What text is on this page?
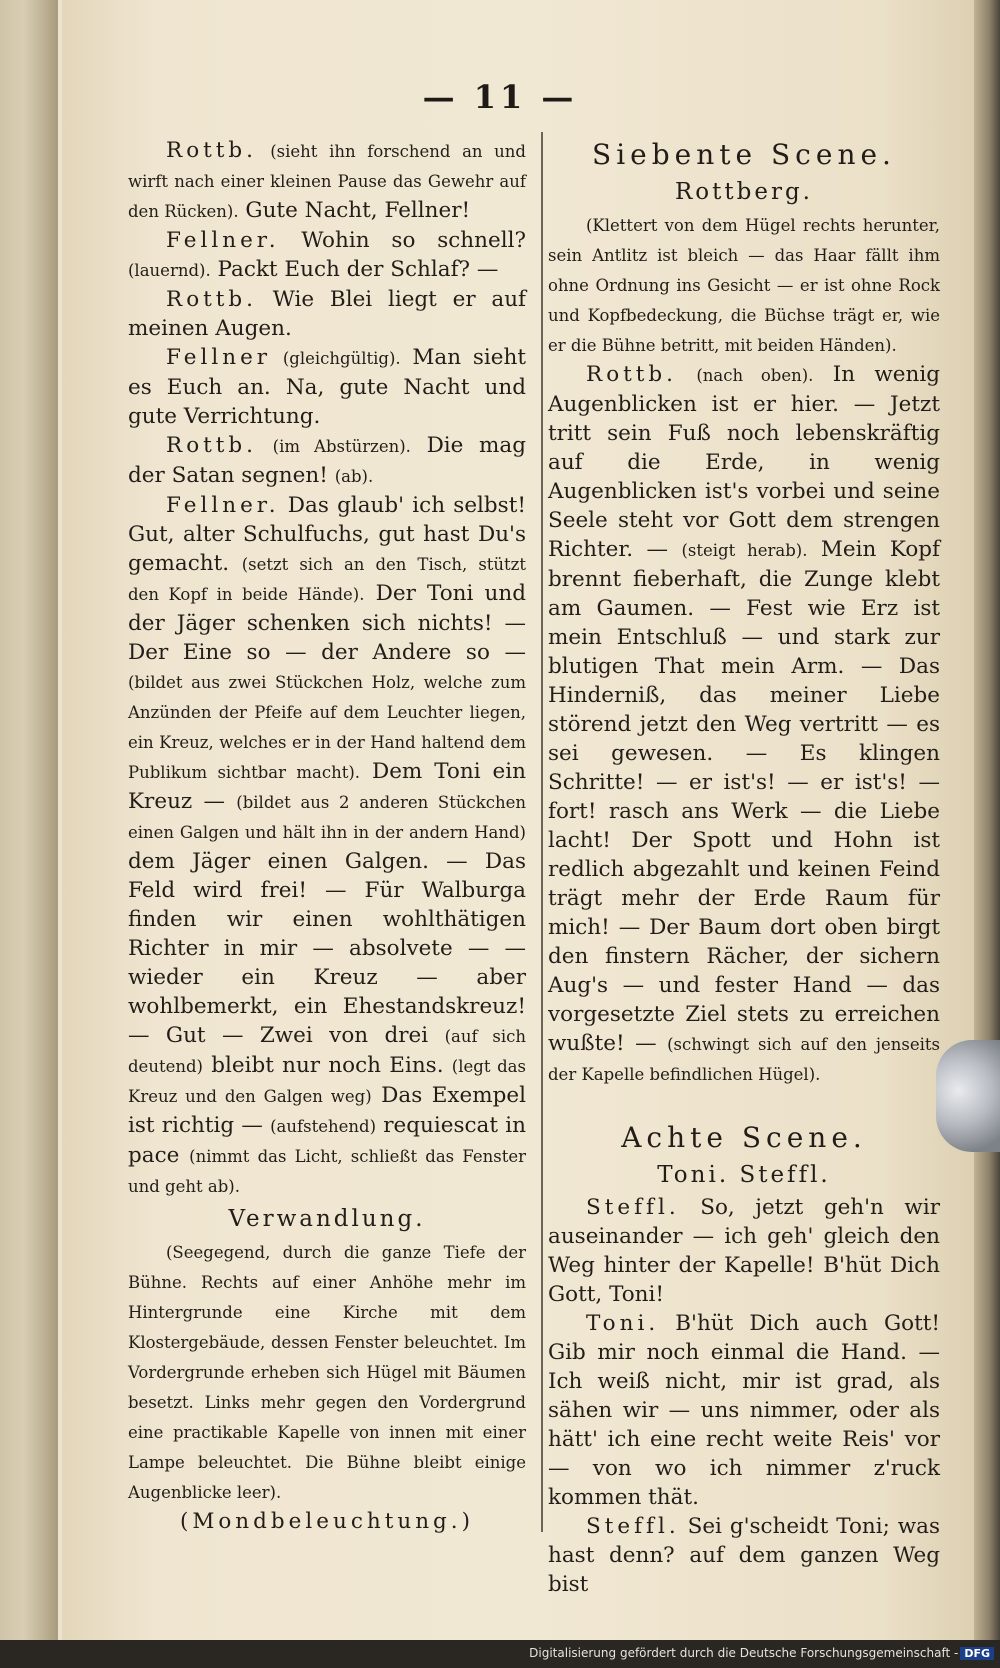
— 11 —

Rottb. (sieht ihn forschend an und wirft nach einer kleinen Pause das Gewehr auf den Rücken). Gute Nacht, Fellner!

Fellner. Wohin so schnell? (lauernd). Packt Euch der Schlaf? —

Rottb. Wie Blei liegt er auf meinen Augen.

Fellner (gleichgültig). Man sieht es Euch an. Na, gute Nacht und gute Verrichtung.

Rottb. (im Abstürzen). Die mag der Satan segnen! (ab).

Fellner. Das glaub' ich selbst! Gut, alter Schulfuchs, gut hast Du's gemacht. (setzt sich an den Tisch, stützt den Kopf in beide Hände). Der Toni und der Jäger schenken sich nichts! — Der Eine so — der Andere so — (bildet aus zwei Stückchen Holz, welche zum Anzünden der Pfeife auf dem Leuchter liegen, ein Kreuz, welches er in der Hand haltend dem Publikum sichtbar macht). Dem Toni ein Kreuz — (bildet aus 2 anderen Stückchen einen Galgen und hält ihn in der andern Hand) dem Jäger einen Galgen. — Das Feld wird frei! — Für Walburga finden wir einen wohlthätigen Richter in mir — absolvete — — wieder ein Kreuz — aber wohlbemerkt, ein Ehestandskreuz! — Gut — Zwei von drei (auf sich deutend) bleibt nur noch Eins. (legt das Kreuz und den Galgen weg) Das Exempel ist richtig — (aufstehend) requiescat in pace (nimmt das Licht, schließt das Fenster und geht ab).

Verwandlung.

(Seegegend, durch die ganze Tiefe der Bühne. Rechts auf einer Anhöhe mehr im Hintergrunde eine Kirche mit dem Klostergebäude, dessen Fenster beleuchtet. Im Vordergrunde erheben sich Hügel mit Bäumen besetzt. Links mehr gegen den Vordergrund eine practikable Kapelle von innen mit einer Lampe beleuchtet. Die Bühne bleibt einige Augenblicke leer).

(Mondbeleuchtung.)

Siebente Scene.

Rottberg.

(Klettert von dem Hügel rechts herunter, sein Antlitz ist bleich — das Haar fällt ihm ohne Ordnung ins Gesicht — er ist ohne Rock und Kopfbedeckung, die Büchse trägt er, wie er die Bühne betritt, mit beiden Händen).

Rottb. (nach oben). In wenig Augenblicken ist er hier. — Jetzt tritt sein Fuß noch lebenskräftig auf die Erde, in wenig Augenblicken ist's vorbei und seine Seele steht vor Gott dem strengen Richter. — (steigt herab). Mein Kopf brennt fieberhaft, die Zunge klebt am Gaumen. — Fest wie Erz ist mein Entschluß — und stark zur blutigen That mein Arm. — Das Hinderniß, das meiner Liebe störend jetzt den Weg vertritt — es sei gewesen. — Es klingen Schritte! — er ist's! — er ist's! — fort! rasch ans Werk — die Liebe lacht! Der Spott und Hohn ist redlich abgezahlt und keinen Feind trägt mehr der Erde Raum für mich! — Der Baum dort oben birgt den finstern Rächer, der sichern Aug's — und fester Hand — das vorgesetzte Ziel stets zu erreichen wußte! — (schwingt sich auf den jenseits der Kapelle befindlichen Hügel).

Achte Scene.

Toni. Steffl.

Steffl. So, jetzt geh'n wir auseinander — ich geh' gleich den Weg hinter der Kapelle! B'hüt Dich Gott, Toni!

Toni. B'hüt Dich auch Gott! Gib mir noch einmal die Hand. — Ich weiß nicht, mir ist grad, als sähen wir — uns nimmer, oder als hätt' ich eine recht weite Reis' vor — von wo ich nimmer z'ruck kommen thät.

Steffl. Sei g'scheidt Toni; was hast denn? auf dem ganzen Weg bist

Digitalisierung gefördert durch die Deutsche Forschungsgemeinschaft - DFG
